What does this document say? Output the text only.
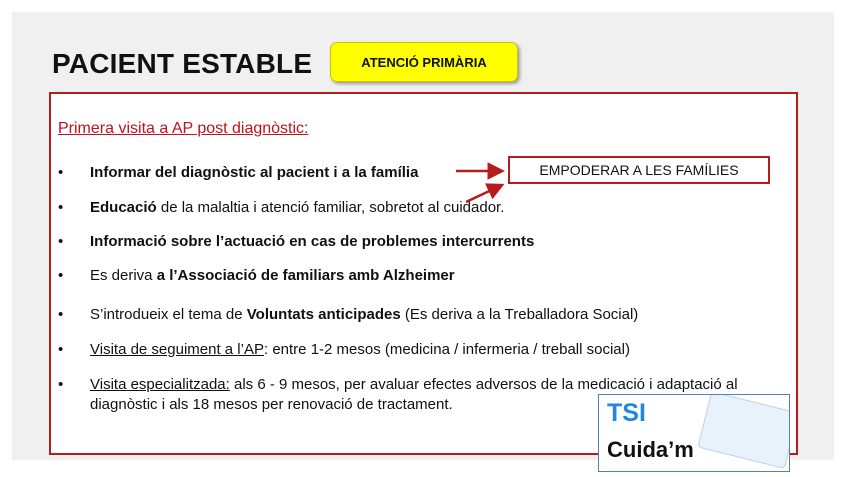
PACIENT ESTABLE	ATENCIÓ PRIMÀRIA
Primera visita a AP post diagnòstic:
•	Informar del diagnòstic al pacient i a la família
•	Educació de la malaltia i atenció familiar, sobretot al cuidador.
•	Informació sobre l’actuació en cas de problemes intercurrents
•	Es deriva a l’Associació de familiars amb Alzheimer
•	S’introdueix el tema de Voluntats anticipades (Es deriva a la Treballadora Social)
•	Visita de seguiment a l’AP: entre 1-2 mesos (medicina / infermeria / treball social)
•	Visita especialitzada: als 6 - 9 mesos, per avaluar efectes adversos de la medicació i adaptació al diagnòstic i als 18 mesos per renovació de tractament.
EMPODERAR A LES FAMÍLIES
TSI
Cuida’m
